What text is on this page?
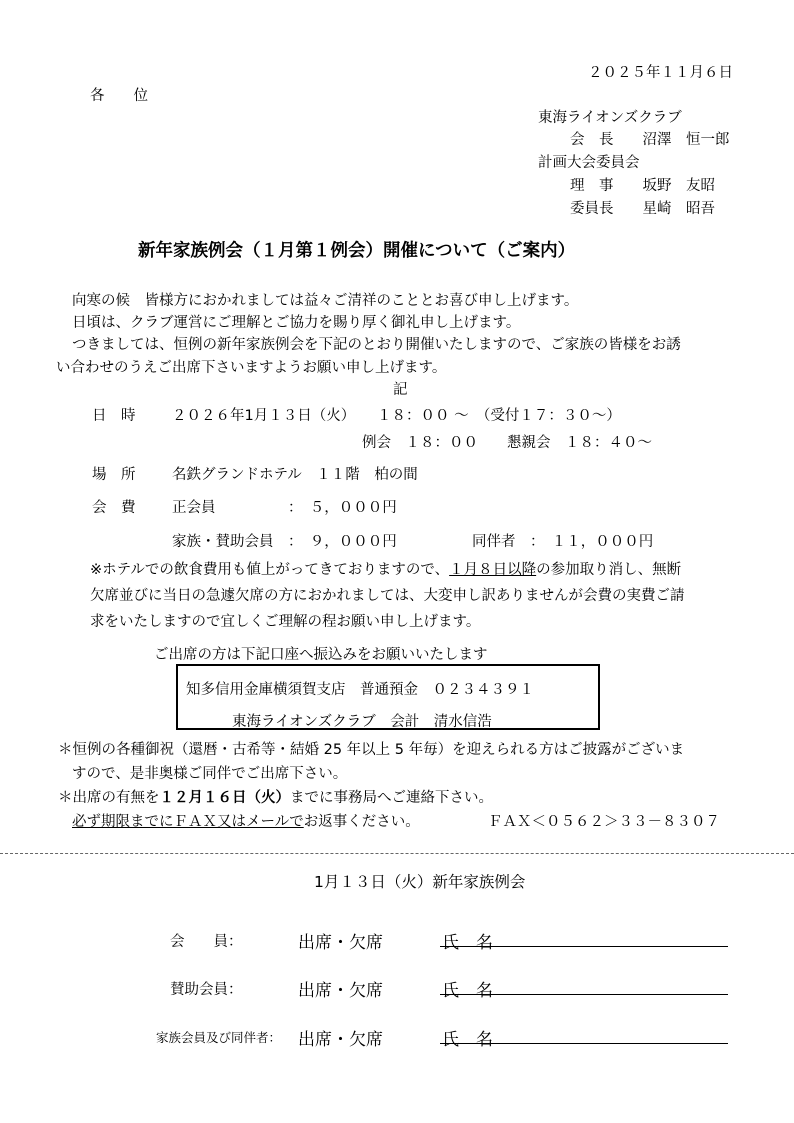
２０２５年１１月６日
各　　位
東海ライオンズクラブ
会　長　　沼澤　恒一郎
計画大会委員会
理　事　　坂野　友昭
委員長　　星崎　昭吾
新年家族例会（１月第１例会）開催について（ご案内）
向寒の候　皆様方におかれましては益々ご清祥のこととお喜び申し上げます。
日頃は、クラブ運営にご理解とご協力を賜り厚く御礼申し上げます。
つきましては、恒例の新年家族例会を下記のとおり開催いたしますので、ご家族の皆様をお誘
い合わせのうえご出席下さいますようお願い申し上げます。
記
日　時	２０２６年1月１３日（火）　　１８：００ ～　（受付１７：３０～）
例会　１８：００　　懇親会　１８：４０～
場　所	名鉄グランドホテル　１１階　柏の間
会　費	正会員　　　　　：　５，０００円
家族・賛助会員　：　９，０００円	同伴者　：　１１，０００円
※ホテルでの飲食費用も値上がってきておりますので、１月８日以降の参加取り消し、無断
欠席並びに当日の急遽欠席の方におかれましては、大変申し訳ありませんが会費の実費ご請
求をいたしますので宜しくご理解の程お願い申し上げます。
ご出席の方は下記口座へ振込みをお願いいたします
知多信用金庫横須賀支店　普通預金　０２３４３９１
東海ライオンズクラブ　会計　清水信浩
＊恒例の各種御祝（還暦・古希等・結婚 25 年以上 5 年毎）を迎えられる方はご披露がございま
すので、是非奥様ご同伴でご出席下さい。
＊出席の有無を１２月１６日（火）までに事務局へご連絡下さい。
必ず期限までにＦＡＸ又はメールでお返事ください。	ＦＡＸ＜０５６２＞３３－８３０７
1月１３日（火）新年家族例会
会　　員：	出席・欠席	氏　名
賛助会員：	出席・欠席	氏　名
家族会員及び同伴者： 出席・欠席	氏　名
